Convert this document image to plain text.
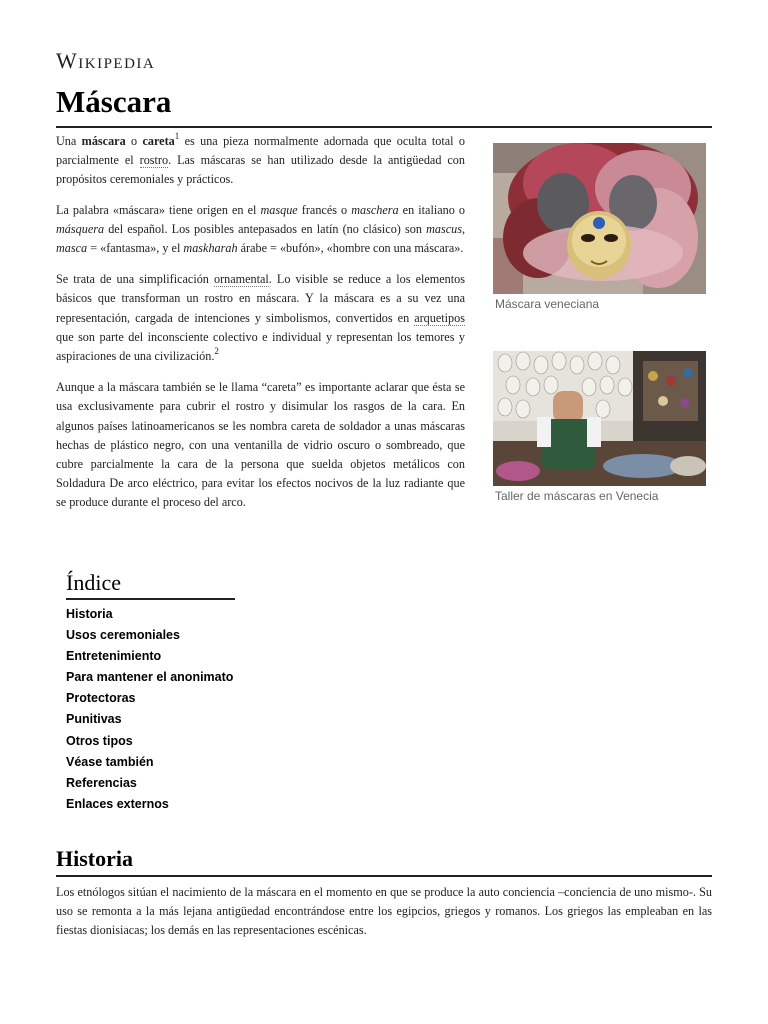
Wikipedia
Máscara

Una máscara o careta$^1$ es una pieza normalmente adornada que oculta total o parcialmente el rostro. Las máscaras se han utilizado desde la antigüedad con propósitos ceremoniales y prácticos.

La palabra «máscara» tiene origen en el masque francés o maschera en italiano o másquera del español. Los posibles antepasados en latín (no clásico) son mascus, masca = «fantasma», y el maskharah árabe = «bufón», «hombre con una máscara».

Se trata de una simplificación ornamental. Lo visible se reduce a los elementos básicos que transforman un rostro en máscara. Y la máscara es a su vez una representación, cargada de intenciones y simbolismos, convertidos en arquetipos que son parte del inconsciente colectivo e individual y representan los temores y aspiraciones de una civilización.$^2$

Aunque a la máscara también se le llama “careta” es importante aclarar que ésta se usa exclusivamente para cubrir el rostro y disimular los rasgos de la cara. En algunos países latinoamericanos se les nombra careta de soldador a unas máscaras hechas de plástico negro, con una ventanilla de vidrio oscuro o sombreado, que cubre parcialmente la cara de la persona que suelda objetos metálicos con Soldadura De arco eléctrico, para evitar los efectos nocivos de la luz radiante que se produce durante el proceso del arco.

Máscara veneciana
Taller de máscaras en Venecia
Índice
Historia
Usos ceremoniales
Entretenimiento
Para mantener el anonimato
Protectoras
Punitivas
Otros tipos
Véase también
Referencias
Enlaces externos
Historia

Los etnólogos sitúan el nacimiento de la máscara en el momento en que se produce la auto conciencia –conciencia de uno mismo-. Su uso se remonta a la más lejana antigüedad encontrándose entre los egipcios, griegos y romanos. Los griegos las empleaban en las fiestas dionisiacas; los demás en las representaciones escénicas.
